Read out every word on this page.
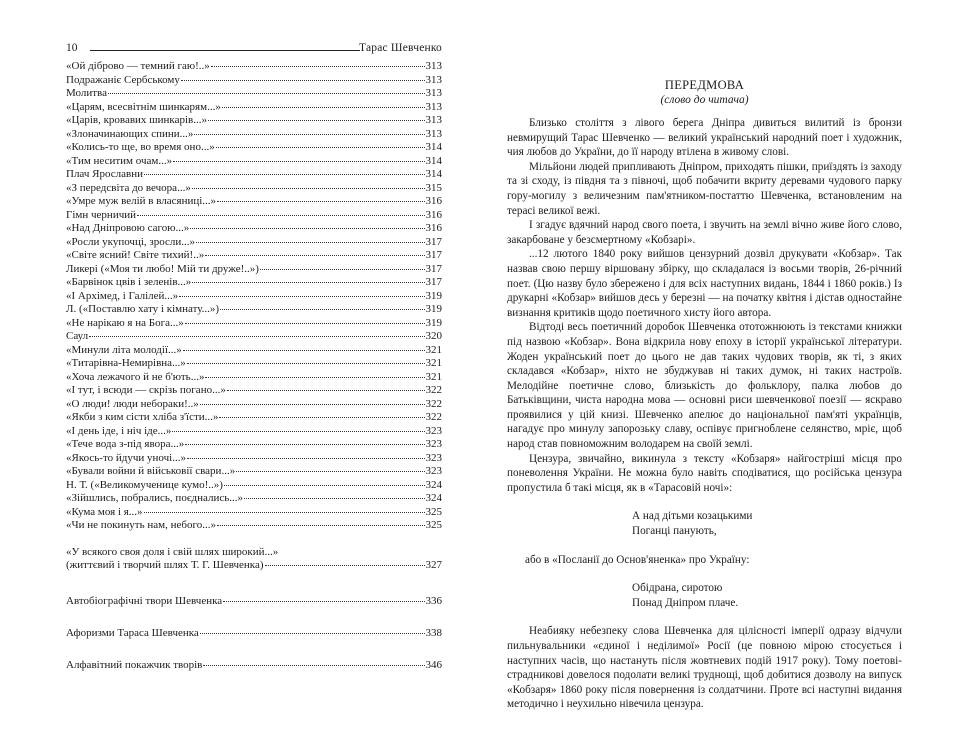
10	Тарас Шевченко
«Ой діброво — темний гаю!..»	313
Подражаніє Сербському	313
Молитва	313
«Царям, всесвітнім шинкарям...»	313
«Царів, кровавих шинкарів...»	313
«Злоначинающих спини...»	313
«Колись-то ще, во время оно...»	314
«Тим неситим очам...»	314
Плач Ярославни	314
«З передсвіта до вечора...»	315
«Умре муж велій в власяниці...»	316
Гімн черничий	316
«Над Дніпровою сагою...»	316
«Росли укупочці, зросли...»	317
«Світе ясний! Світе тихий!..»	317
Ликері («Моя ти любо! Мій ти друже!..»)	317
«Барвінок цвів і зеленів...»	317
«І Архімед, і Галілей...»	319
Л. («Поставлю хату і кімнату...»)	319
«Не нарікаю я на Бога...»	319
Саул	320
«Минули літа молодії...»	321
«Титарівна-Немирівна...»	321
«Хоча лежачого й не б'ють...»	321
«І тут, і всюди — скрізь погано...»	322
«О люди! люди небораки!..»	322
«Якби з ким сісти хліба з'їсти...»	322
«І день іде, і ніч іде...»	323
«Тече вода з-під явора...»	323
«Якось-то йдучи уночі...»	323
«Бували войни й військовії свари...»	323
Н. Т. («Великомученице кумо!..»)	324
«Зійшлись, побрались, поєднались...»	324
«Кума моя і я...»	325
«Чи не покинуть нам, небого...»	325
«У всякого своя доля і свій шлях широкий...»
(життєвий і творчий шлях Т. Г. Шевченка)	327
Автобіографічні твори Шевченка	336
Афоризми Тараса Шевченка	338
Алфавітний покажчик творів	346
ПЕРЕДМОВА
(слово до читача)

Близько століття з лівого берега Дніпра дивиться вилитий із бронзи невмирущий Тарас Шевченко — великий український народний поет і художник, чия любов до України, до її народу втілена в живому слові.

Мільйони людей припливають Дніпром, приходять пішки, приїздять із заходу та зі сходу, із півдня та з півночі, щоб побачити вкриту деревами чудового парку гору-могилу з величезним пам'ятником-постаттю Шевченка, встановленим на терасі великої вежі.

І згадує вдячний народ свого поета, і звучить на землі вічно живе його слово, закарбоване у безсмертному «Кобзарі».

...12 лютого 1840 року вийшов цензурний дозвіл друкувати «Кобзар». Так назвав свою першу віршовану збірку, що складалася із восьми творів, 26-річний поет. (Цю назву було збережено і для всіх наступних видань, 1844 і 1860 років.) Із друкарні «Кобзар» вийшов десь у березні — на початку квітня і дістав одностайне визнання критиків щодо поетичного хисту його автора.

Відтоді весь поетичний доробок Шевченка ототожнюють із текстами книжки під назвою «Кобзар». Вона відкрила нову епоху в історії української літератури. Жоден український поет до цього не дав таких чудових творів, як ті, з яких складався «Кобзар», ніхто не збуджував ні таких думок, ні таких настроїв. Мелодійне поетичне слово, близькість до фольклору, палка любов до Батьківщини, чиста народна мова — основні риси шевченкової поезії — яскраво проявилися у цій книзі. Шевченко апелює до національної пам'яті українців, нагадує про минулу запорозьку славу, оспівує пригноблене селянство, мріє, щоб народ став повноможним володарем на своїй землі.

Цензура, звичайно, викинула з тексту «Кобзаря» найгостріші місця про поневолення України. Не можна було навіть сподіватися, що російська цензура пропустила б такі місця, як в «Тарасовій ночі»:

А над дітьми козацькими
Поганці панують,

або в «Посланії до Основ'яненка» про Україну:

Обідрана, сиротою
Понад Дніпром плаче.

Неабияку небезпеку слова Шевченка для цілісності імперії одразу відчули пильнувальники «єдиної і неділимої» Росії (це повною мірою стосується і наступних часів, що настануть після жовтневих подій 1917 року). Тому поетові-страдникові довелося подолати великі труднощі, щоб добитися дозволу на випуск «Кобзаря» 1860 року після повернення із солдатчини. Проте всі наступні видання методично і неухильно нівечила цензура.
